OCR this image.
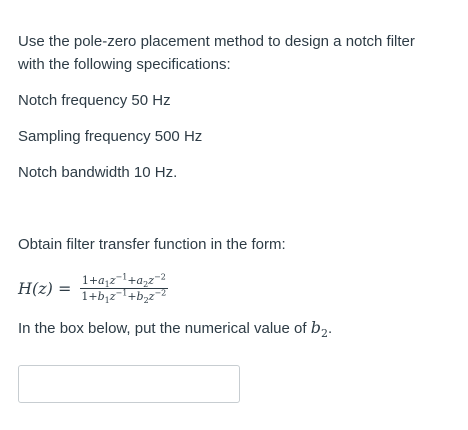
Use the pole-zero placement method to design a notch filter
with the following specifications:
Notch frequency 50 Hz
Sampling frequency 500 Hz
Notch bandwidth 10 Hz.
Obtain filter transfer function in the form:
$H(z) = \frac{1+a_1z^{-1}+a_2z^{-2}}{1+b_1z^{-1}+b_2z^{-2}}$
In the box below, put the numerical value of $b_2$.
